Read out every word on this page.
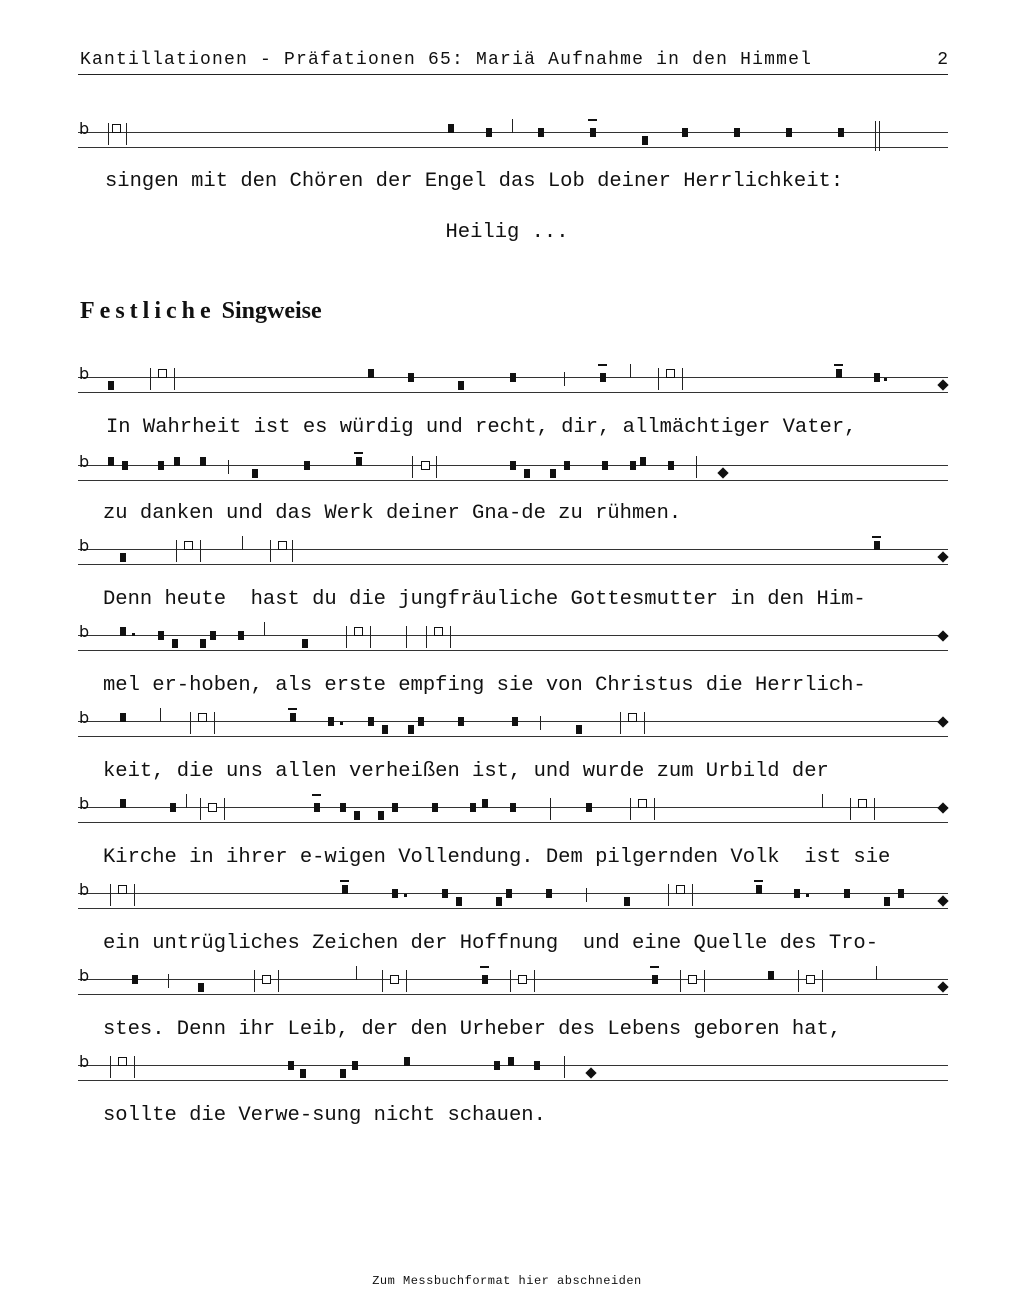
Kantillationen - Präfationen 65: Mariä Aufnahme in den Himmel	2
b
b
b
b
b
b
b
b
b
b
singen mit den Chören der Engel das Lob deiner Herrlichkeit:
Heilig ...
Festliche Singweise
In Wahrheit ist es würdig und recht, dir, allmächtiger Vater,
zu danken und das Werk deiner Gna-de zu rühmen.
Denn heute  hast du die jungfräuliche Gottesmutter in den Him-
mel er-hoben, als erste empfing sie von Christus die Herrlich-
keit, die uns allen verheißen ist, und wurde zum Urbild der
Kirche in ihrer e-wigen Vollendung. Dem pilgernden Volk  ist sie
ein untrügliches Zeichen der Hoffnung  und eine Quelle des Tro-
stes. Denn ihr Leib, der den Urheber des Lebens geboren hat,
sollte die Verwe-sung nicht schauen.
Zum Messbuchformat hier abschneiden
